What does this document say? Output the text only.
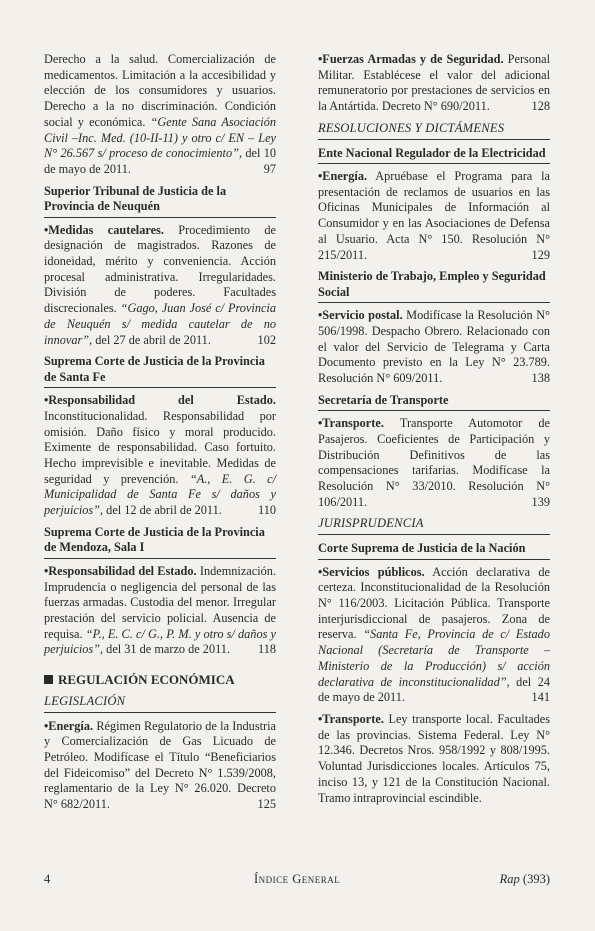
Derecho a la salud. Comercialización de medicamentos. Limitación a la accesibilidad y elección de los consumidores y usuarios. Derecho a la no discriminación. Condición social y económica. “Gente Sana Asociación Civil –Inc. Med. (10-II-11) y otro c/ EN – Ley N° 26.567 s/ proceso de conocimiento”, del 10 de mayo de 2011.	97
Superior Tribunal de Justicia de la Provincia de Neuquén
•Medidas cautelares. Procedimiento de designación de magistrados. Razones de idoneidad, mérito y conveniencia. Acción procesal administrativa. Irregularidades. División de poderes. Facultades discrecionales. “Gago, Juan José c/ Provincia de Neuquén s/ medida cautelar de no innovar”, del 27 de abril de 2011.	102
Suprema Corte de Justicia de la Provincia de Santa Fe
•Responsabilidad del Estado. Inconstitucionalidad. Responsabilidad por omisión. Daño físico y moral producido. Eximente de responsabilidad. Caso fortuito. Hecho imprevisible e inevitable. Medidas de seguridad y prevención. “A., E. G. c/ Municipalidad de Santa Fe s/ daños y perjuicios”, del 12 de abril de 2011.	110
Suprema Corte de Justicia de la Provincia de Mendoza, Sala I
•Responsabilidad del Estado. Indemnización. Imprudencia o negligencia del personal de las fuerzas armadas. Custodia del menor. Irregular prestación del servicio policial. Ausencia de requisa. “P., E. C. c/ G., P. M. y otro s/ daños y perjuicios”, del 31 de marzo de 2011. 118
REGULACIÓN ECONÓMICA
LEGISLACIÓN
•Energía. Régimen Regulatorio de la Industria y Comercialización de Gas Licuado de Petróleo. Modifícase el Título “Beneficiarios del Fideicomiso” del Decreto N° 1.539/2008, reglamentario de la Ley N° 26.020. Decreto N° 682/2011.	125
•Fuerzas Armadas y de Seguridad. Personal Militar. Establécese el valor del adicional remuneratorio por prestaciones de servicios en la Antártida. Decreto N° 690/2011.	128
RESOLUCIONES Y DICTÁMENES
Ente Nacional Regulador de la Electricidad
•Energía. Apruébase el Programa para la presentación de reclamos de usuarios en las Oficinas Municipales de Información al Consumidor y en las Asociaciones de Defensa al Usuario. Acta N° 150. Resolución N° 215/2011.	129
Ministerio de Trabajo, Empleo y Seguridad Social
•Servicio postal. Modifícase la Resolución N° 506/1998. Despacho Obrero. Relacionado con el valor del Servicio de Telegrama y Carta Documento previsto en la Ley N° 23.789. Resolución N° 609/2011.	138
Secretaría de Transporte
•Transporte. Transporte Automotor de Pasajeros. Coeficientes de Participación y Distribución Definitivos de las compensaciones tarifarias. Modifícase la Resolución N° 33/2010. Resolución N° 106/2011.	139
JURISPRUDENCIA
Corte Suprema de Justicia de la Nación
•Servicios públicos. Acción declarativa de certeza. Inconstitucionalidad de la Resolución N° 116/2003. Licitación Pública. Transporte interjurisdiccional de pasajeros. Zona de reserva. “Santa Fe, Provincia de c/ Estado Nacional (Secretaría de Transporte – Ministerio de la Producción) s/ acción declarativa de inconstitucionalidad”, del 24 de mayo de 2011.	141
•Transporte. Ley transporte local. Facultades de las provincias. Sistema Federal. Ley N° 12.346. Decretos Nros. 958/1992 y 808/1995. Voluntad Jurisdicciones locales. Artículos 75, inciso 13, y 121 de la Constitución Nacional. Tramo intraprovincial escindible.
4	Índice General	Rap (393)
